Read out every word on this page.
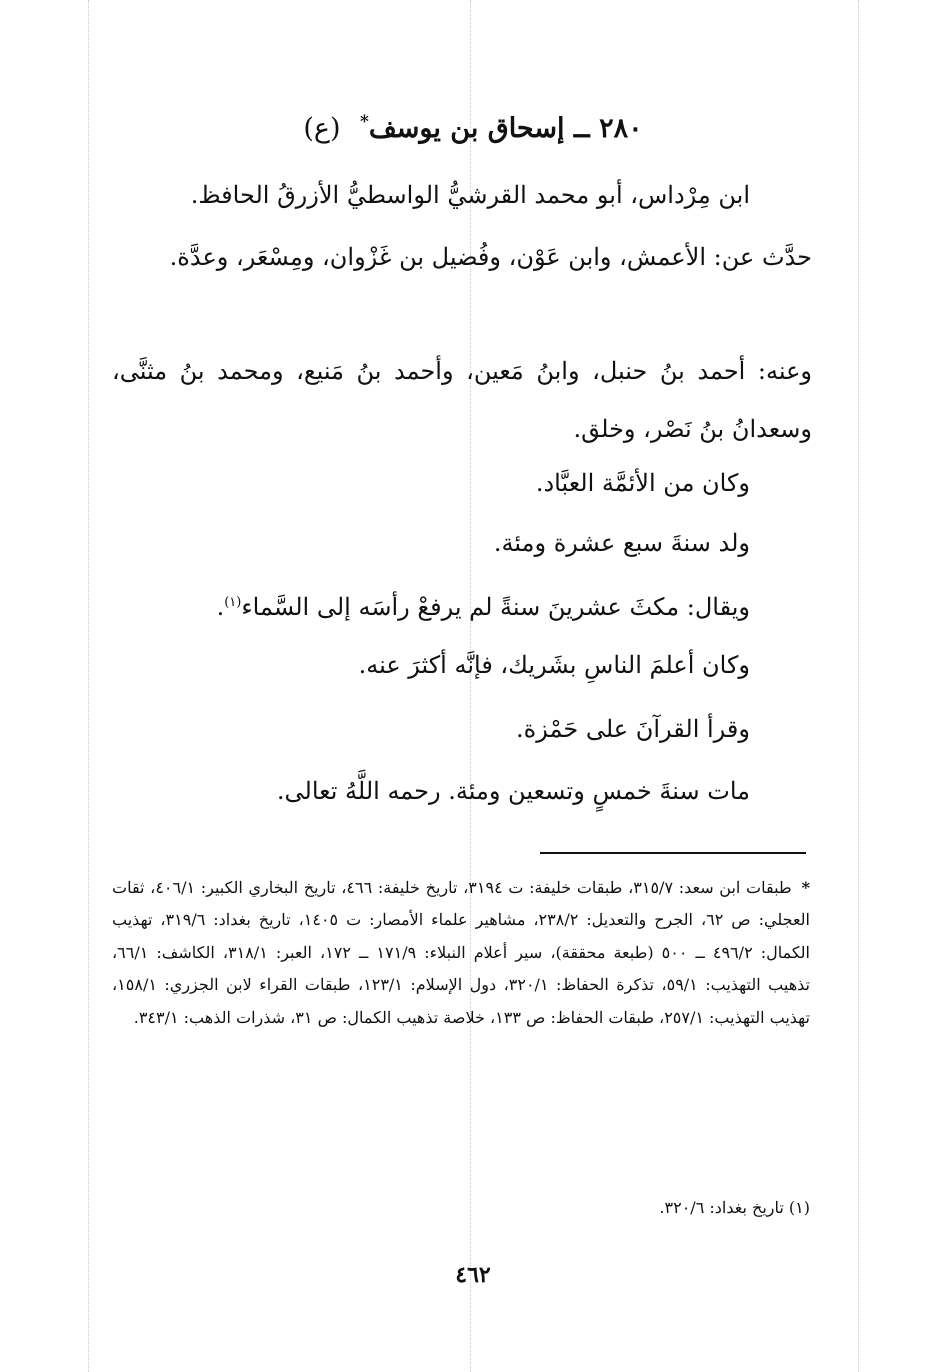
٢٨٠ ــ إسحاق بن يوسف* (ع)

ابن مِرْداس، أبو محمد القرشيُّ الواسطيُّ الأزرقُ الحافظ.

حدَّث عن: الأعمش، وابن عَوْن، وفُضيل بن غَزْوان، ومِسْعَر، وعدَّة.

وعنه: أحمد بنُ حنبل، وابنُ مَعين، وأحمد بنُ مَنيع، ومحمد بنُ مثنَّى، وسعدانُ بنُ نَصْر، وخلق.

وكان من الأئمَّة العبَّاد.

ولد سنةَ سبع عشرة ومئة.

ويقال: مكثَ عشرينَ سنةً لم يرفعْ رأسَه إلى السَّماء$^{(١)}$.

وكان أعلمَ الناسِ بشَريك، فإنَّه أكثرَ عنه.

وقرأ القرآنَ على حَمْزة.

مات سنةَ خمسٍ وتسعين ومئة. رحمه اللَّهُ تعالى.

*طبقات ابن سعد: ٣١٥/٧، طبقات خليفة: ت ٣١٩٤، تاريخ خليفة: ٤٦٦، تاريخ البخاري الكبير: ٤٠٦/١، ثقات العجلي: ص ٦٢، الجرح والتعديل: ٢٣٨/٢، مشاهير علماء الأمصار: ت ١٤٠٥، تاريخ بغداد: ٣١٩/٦، تهذيب الكمال: ٤٩٦/٢ ــ ٥٠٠ (طبعة محققة)، سير أعلام النبلاء: ١٧١/٩ ــ ١٧٢، العبر: ٣١٨/١، الكاشف: ٦٦/١، تذهيب التهذيب: ٥٩/١، تذكرة الحفاظ: ٣٢٠/١، دول الإسلام: ١٢٣/١، طبقات القراء لابن الجزري: ١٥٨/١، تهذيب التهذيب: ٢٥٧/١، طبقات الحفاظ: ص ١٣٣، خلاصة تذهيب الكمال: ص ٣١، شذرات الذهب: ٣٤٣/١.

(١) تاريخ بغداد: ٣٢٠/٦.

٤٦٢
